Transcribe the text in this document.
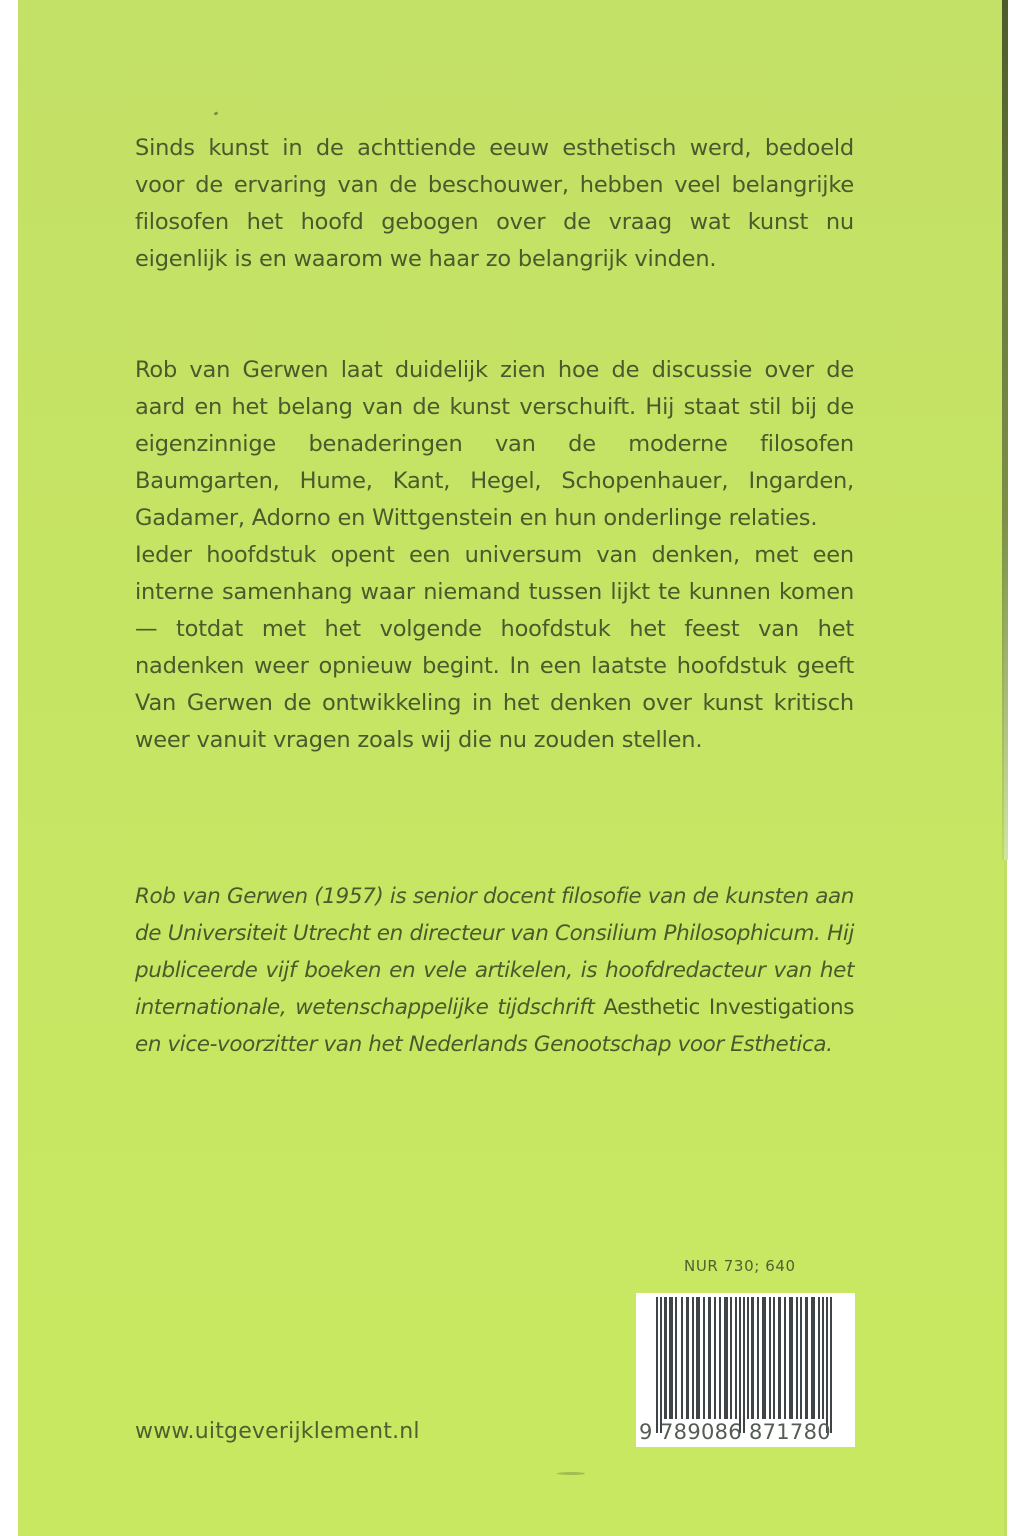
Sinds kunst in de achttiende eeuw esthetisch werd, bedoeld voor de ervaring van de beschouwer, hebben veel belangrijke filosofen het hoofd gebogen over de vraag wat kunst nu eigenlijk is en waarom we haar zo belangrijk vinden.

Rob van Gerwen laat duidelijk zien hoe de discussie over de aard en het belang van de kunst verschuift. Hij staat stil bij de eigenzinnige benaderingen van de moderne filosofen Baumgarten, Hume, Kant, Hegel, Schopenhauer, Ingarden, Gadamer, Adorno en Wittgenstein en hun onderlinge relaties.

Ieder hoofdstuk opent een universum van denken, met een interne samenhang waar niemand tussen lijkt te kunnen komen — totdat met het volgende hoofdstuk het feest van het nadenken weer opnieuw begint. In een laatste hoofdstuk geeft Van Gerwen de ontwikkeling in het denken over kunst kritisch weer vanuit vragen zoals wij die nu zouden stellen.

Rob van Gerwen (1957) is senior docent filosofie van de kunsten aan de Universiteit Utrecht en directeur van Consilium Philosophicum. Hij publiceerde vijf boeken en vele artikelen, is hoofdredacteur van het internationale, wetenschappelijke tijdschrift Aesthetic Investigations en vice-voorzitter van het Nederlands Genootschap voor Esthetica.

NUR 730; 640
9 789086 871780
www.uitgeverijklement.nl
